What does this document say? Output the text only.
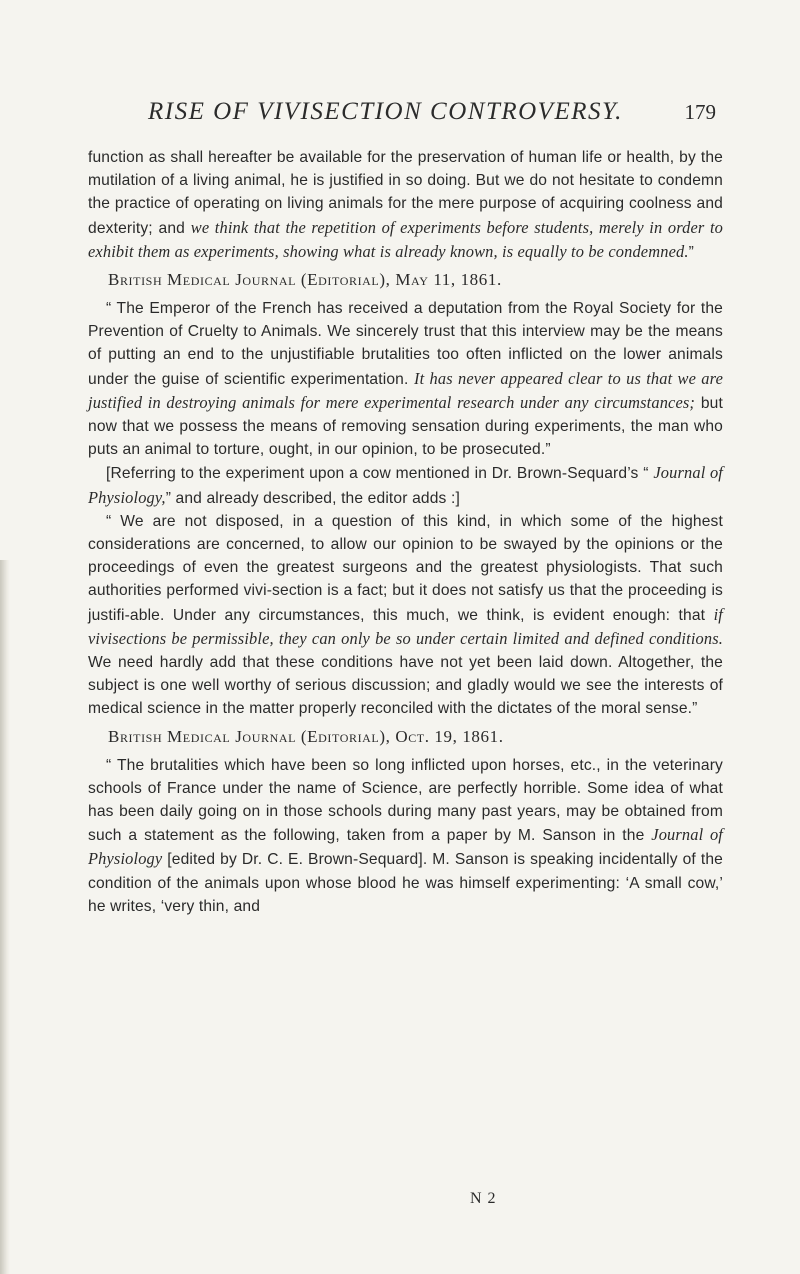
RISE OF VIVISECTION CONTROVERSY.	179

function as shall hereafter be available for the preservation of human life or health, by the mutilation of a living animal, he is justified in so doing. But we do not hesitate to condemn the practice of operating on living animals for the mere purpose of acquiring coolness and dexterity; and we think that the repetition of experiments before students, merely in order to exhibit them as experiments, showing what is already known, is equally to be condemned.”

British Medical Journal (Editorial), May 11, 1861.

“ The Emperor of the French has received a deputation from the Royal Society for the Prevention of Cruelty to Animals. We sincerely trust that this interview may be the means of putting an end to the unjustifiable brutalities too often inflicted on the lower animals under the guise of scientific experimentation. It has never appeared clear to us that we are justified in destroying animals for mere experimental research under any circumstances; but now that we possess the means of removing sensation during experiments, the man who puts an animal to torture, ought, in our opinion, to be prosecuted.”

[Referring to the experiment upon a cow mentioned in Dr. Brown-Sequard’s “ Journal of Physiology,” and already described, the editor adds :]

“ We are not disposed, in a question of this kind, in which some of the highest considerations are concerned, to allow our opinion to be swayed by the opinions or the proceedings of even the greatest surgeons and the greatest physiologists. That such authorities performed vivi-section is a fact; but it does not satisfy us that the proceeding is justifi-able. Under any circumstances, this much, we think, is evident enough: that if vivisections be permissible, they can only be so under certain limited and defined conditions. We need hardly add that these conditions have not yet been laid down. Altogether, the subject is one well worthy of serious discussion; and gladly would we see the interests of medical science in the matter properly reconciled with the dictates of the moral sense.”

British Medical Journal (Editorial), Oct. 19, 1861.

“ The brutalities which have been so long inflicted upon horses, etc., in the veterinary schools of France under the name of Science, are perfectly horrible. Some idea of what has been daily going on in those schools during many past years, may be obtained from such a statement as the following, taken from a paper by M. Sanson in the Journal of Physiology [edited by Dr. C. E. Brown-Sequard]. M. Sanson is speaking incidentally of the condition of the animals upon whose blood he was himself experimenting: ‘A small cow,’ he writes, ‘very thin, and

N 2
